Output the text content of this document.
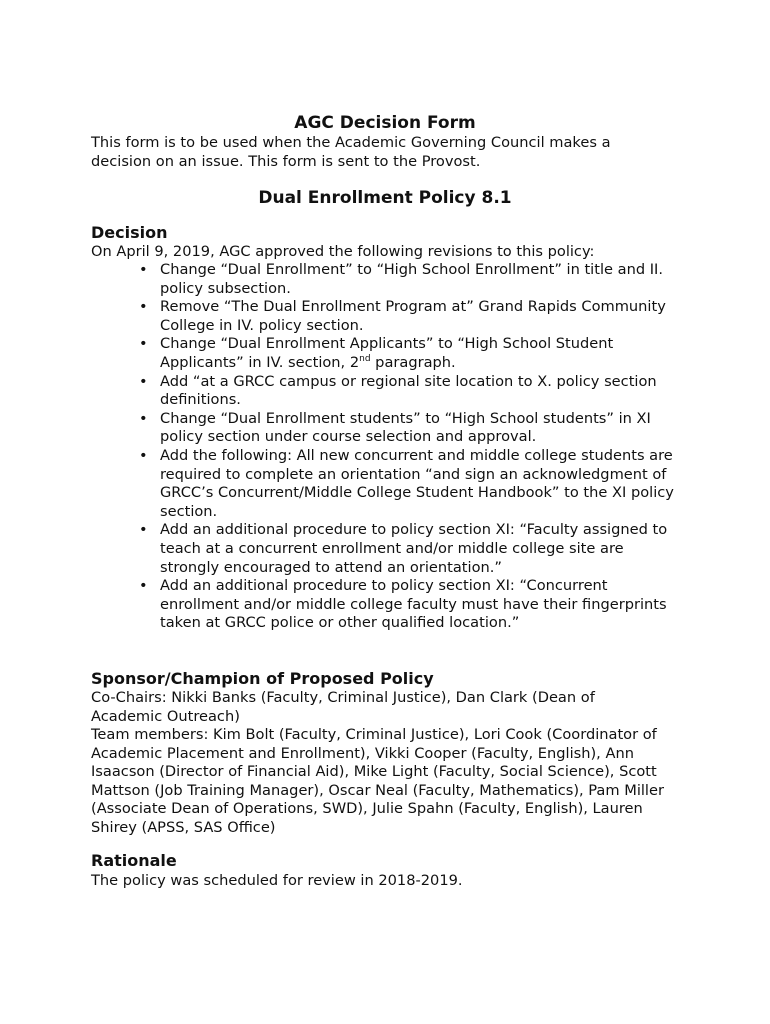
AGC Decision Form
This form is to be used when the Academic Governing Council makes a decision on an issue. This form is sent to the Provost.
Dual Enrollment Policy 8.1
Decision
On April 9, 2019, AGC approved the following revisions to this policy:
• Change “Dual Enrollment” to “High School Enrollment” in title and II. policy subsection.
• Remove “The Dual Enrollment Program at” Grand Rapids Community College in IV. policy section.
• Change “Dual Enrollment Applicants” to “High School Student Applicants” in IV. section, 2nd paragraph.
• Add “at a GRCC campus or regional site location to X. policy section definitions.
• Change “Dual Enrollment students” to “High School students” in XI policy section under course selection and approval.
• Add the following: All new concurrent and middle college students are required to complete an orientation “and sign an acknowledgment of GRCC’s Concurrent/Middle College Student Handbook” to the XI policy section.
• Add an additional procedure to policy section XI: “Faculty assigned to teach at a concurrent enrollment and/or middle college site are strongly encouraged to attend an orientation.”
• Add an additional procedure to policy section XI: “Concurrent enrollment and/or middle college faculty must have their fingerprints taken at GRCC police or other qualified location.”
Sponsor/Champion of Proposed Policy
Co-Chairs: Nikki Banks (Faculty, Criminal Justice), Dan Clark (Dean of Academic Outreach)
Team members: Kim Bolt (Faculty, Criminal Justice), Lori Cook (Coordinator of Academic Placement and Enrollment), Vikki Cooper (Faculty, English), Ann Isaacson (Director of Financial Aid), Mike Light (Faculty, Social Science), Scott Mattson (Job Training Manager), Oscar Neal (Faculty, Mathematics), Pam Miller (Associate Dean of Operations, SWD), Julie Spahn (Faculty, English), Lauren Shirey (APSS, SAS Office)
Rationale
The policy was scheduled for review in 2018-2019.
